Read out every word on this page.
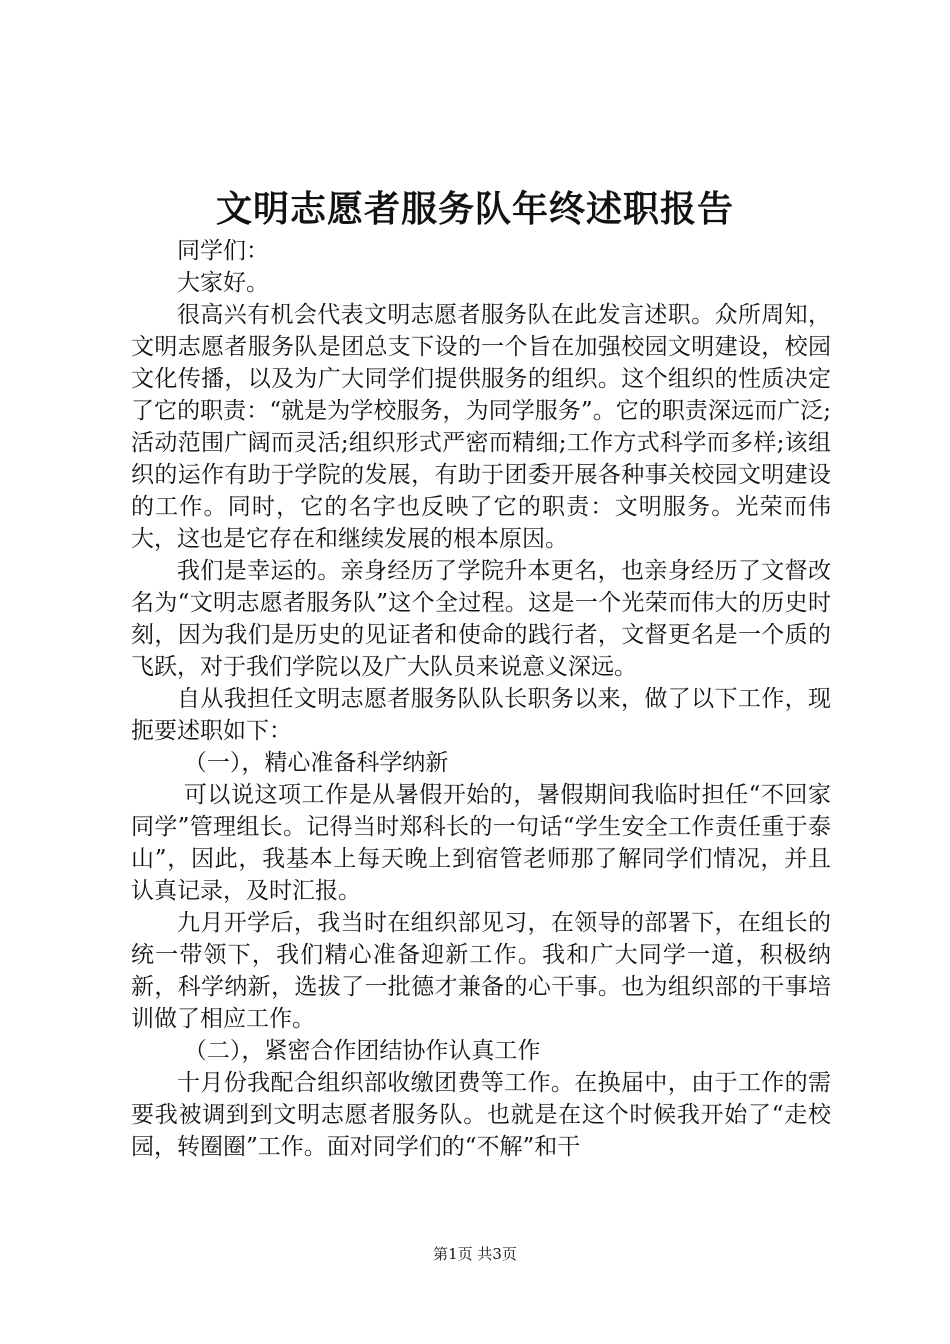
文明志愿者服务队年终述职报告

同学们：

大家好。

很高兴有机会代表文明志愿者服务队在此发言述职。众所周知，文明志愿者服务队是团总支下设的一个旨在加强校园文明建设，校园文化传播，以及为广大同学们提供服务的组织。这个组织的性质决定了它的职责：“就是为学校服务，为同学服务”。它的职责深远而广泛;活动范围广阔而灵活;组织形式严密而精细;工作方式科学而多样;该组织的运作有助于学院的发展，有助于团委开展各种事关校园文明建设的工作。同时，它的名字也反映了它的职责：文明服务。光荣而伟大，这也是它存在和继续发展的根本原因。

我们是幸运的。亲身经历了学院升本更名，也亲身经历了文督改名为“文明志愿者服务队”这个全过程。这是一个光荣而伟大的历史时刻，因为我们是历史的见证者和使命的践行者，文督更名是一个质的飞跃，对于我们学院以及广大队员来说意义深远。

自从我担任文明志愿者服务队队长职务以来，做了以下工作，现扼要述职如下：

（一），精心准备科学纳新

可以说这项工作是从暑假开始的，暑假期间我临时担任“不回家同学”管理组长。记得当时郑科长的一句话“学生安全工作责任重于泰山”，因此，我基本上每天晚上到宿管老师那了解同学们情况，并且认真记录，及时汇报。

九月开学后，我当时在组织部见习，在领导的部署下，在组长的统一带领下，我们精心准备迎新工作。我和广大同学一道，积极纳新，科学纳新，选拔了一批德才兼备的心干事。也为组织部的干事培训做了相应工作。

（二），紧密合作团结协作认真工作

十月份我配合组织部收缴团费等工作。在换届中，由于工作的需要我被调到到文明志愿者服务队。也就是在这个时候我开始了“走校园，转圈圈”工作。面对同学们的“不解”和干

第1页 共3页
